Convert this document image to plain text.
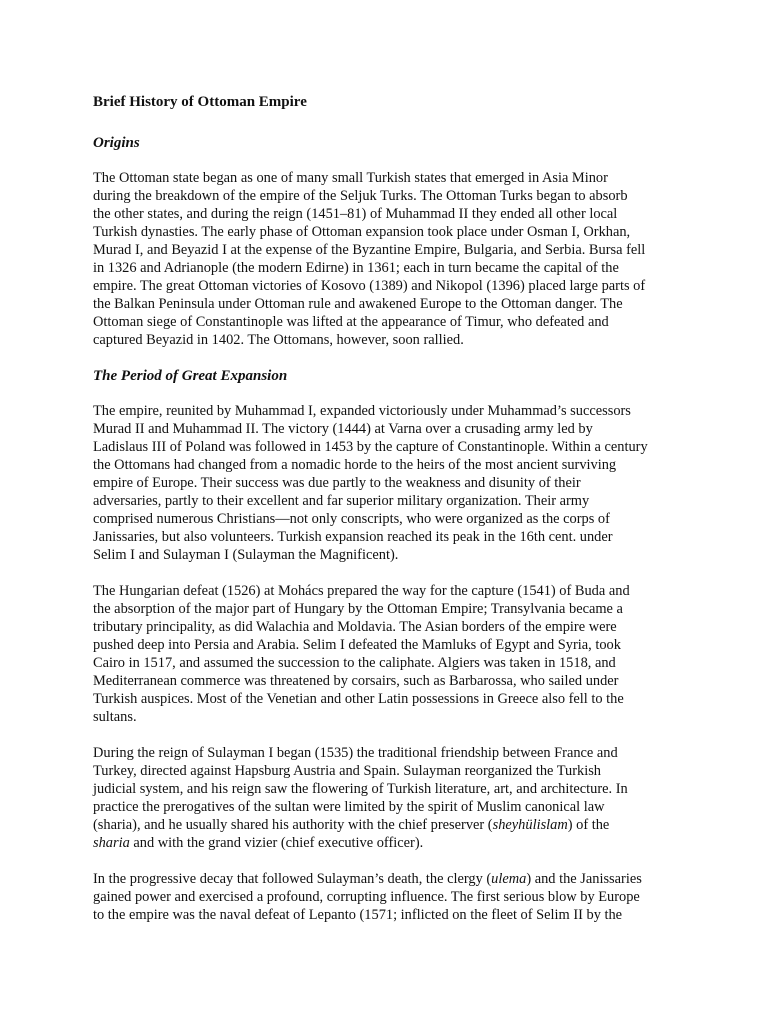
Brief History of Ottoman Empire
Origins
The Ottoman state began as one of many small Turkish states that emerged in Asia Minor
during the breakdown of the empire of the Seljuk Turks. The Ottoman Turks began to absorb
the other states, and during the reign (1451–81) of Muhammad II they ended all other local
Turkish dynasties. The early phase of Ottoman expansion took place under Osman I, Orkhan,
Murad I, and Beyazid I at the expense of the Byzantine Empire, Bulgaria, and Serbia. Bursa fell
in 1326 and Adrianople (the modern Edirne) in 1361; each in turn became the capital of the
empire. The great Ottoman victories of Kosovo (1389) and Nikopol (1396) placed large parts of
the Balkan Peninsula under Ottoman rule and awakened Europe to the Ottoman danger. The
Ottoman siege of Constantinople was lifted at the appearance of Timur, who defeated and
captured Beyazid in 1402. The Ottomans, however, soon rallied.
The Period of Great Expansion
The empire, reunited by Muhammad I, expanded victoriously under Muhammad’s successors
Murad II and Muhammad II. The victory (1444) at Varna over a crusading army led by
Ladislaus III of Poland was followed in 1453 by the capture of Constantinople. Within a century
the Ottomans had changed from a nomadic horde to the heirs of the most ancient surviving
empire of Europe. Their success was due partly to the weakness and disunity of their
adversaries, partly to their excellent and far superior military organization. Their army
comprised numerous Christians—not only conscripts, who were organized as the corps of
Janissaries, but also volunteers. Turkish expansion reached its peak in the 16th cent. under
Selim I and Sulayman I (Sulayman the Magnificent).
The Hungarian defeat (1526) at Mohács prepared the way for the capture (1541) of Buda and
the absorption of the major part of Hungary by the Ottoman Empire; Transylvania became a
tributary principality, as did Walachia and Moldavia. The Asian borders of the empire were
pushed deep into Persia and Arabia. Selim I defeated the Mamluks of Egypt and Syria, took
Cairo in 1517, and assumed the succession to the caliphate. Algiers was taken in 1518, and
Mediterranean commerce was threatened by corsairs, such as Barbarossa, who sailed under
Turkish auspices. Most of the Venetian and other Latin possessions in Greece also fell to the
sultans.
During the reign of Sulayman I began (1535) the traditional friendship between France and
Turkey, directed against Hapsburg Austria and Spain. Sulayman reorganized the Turkish
judicial system, and his reign saw the flowering of Turkish literature, art, and architecture. In
practice the prerogatives of the sultan were limited by the spirit of Muslim canonical law
(sharia), and he usually shared his authority with the chief preserver (sheyhülislam) of the
sharia and with the grand vizier (chief executive officer).
In the progressive decay that followed Sulayman’s death, the clergy (ulema) and the Janissaries
gained power and exercised a profound, corrupting influence. The first serious blow by Europe
to the empire was the naval defeat of Lepanto (1571; inflicted on the fleet of Selim II by the
